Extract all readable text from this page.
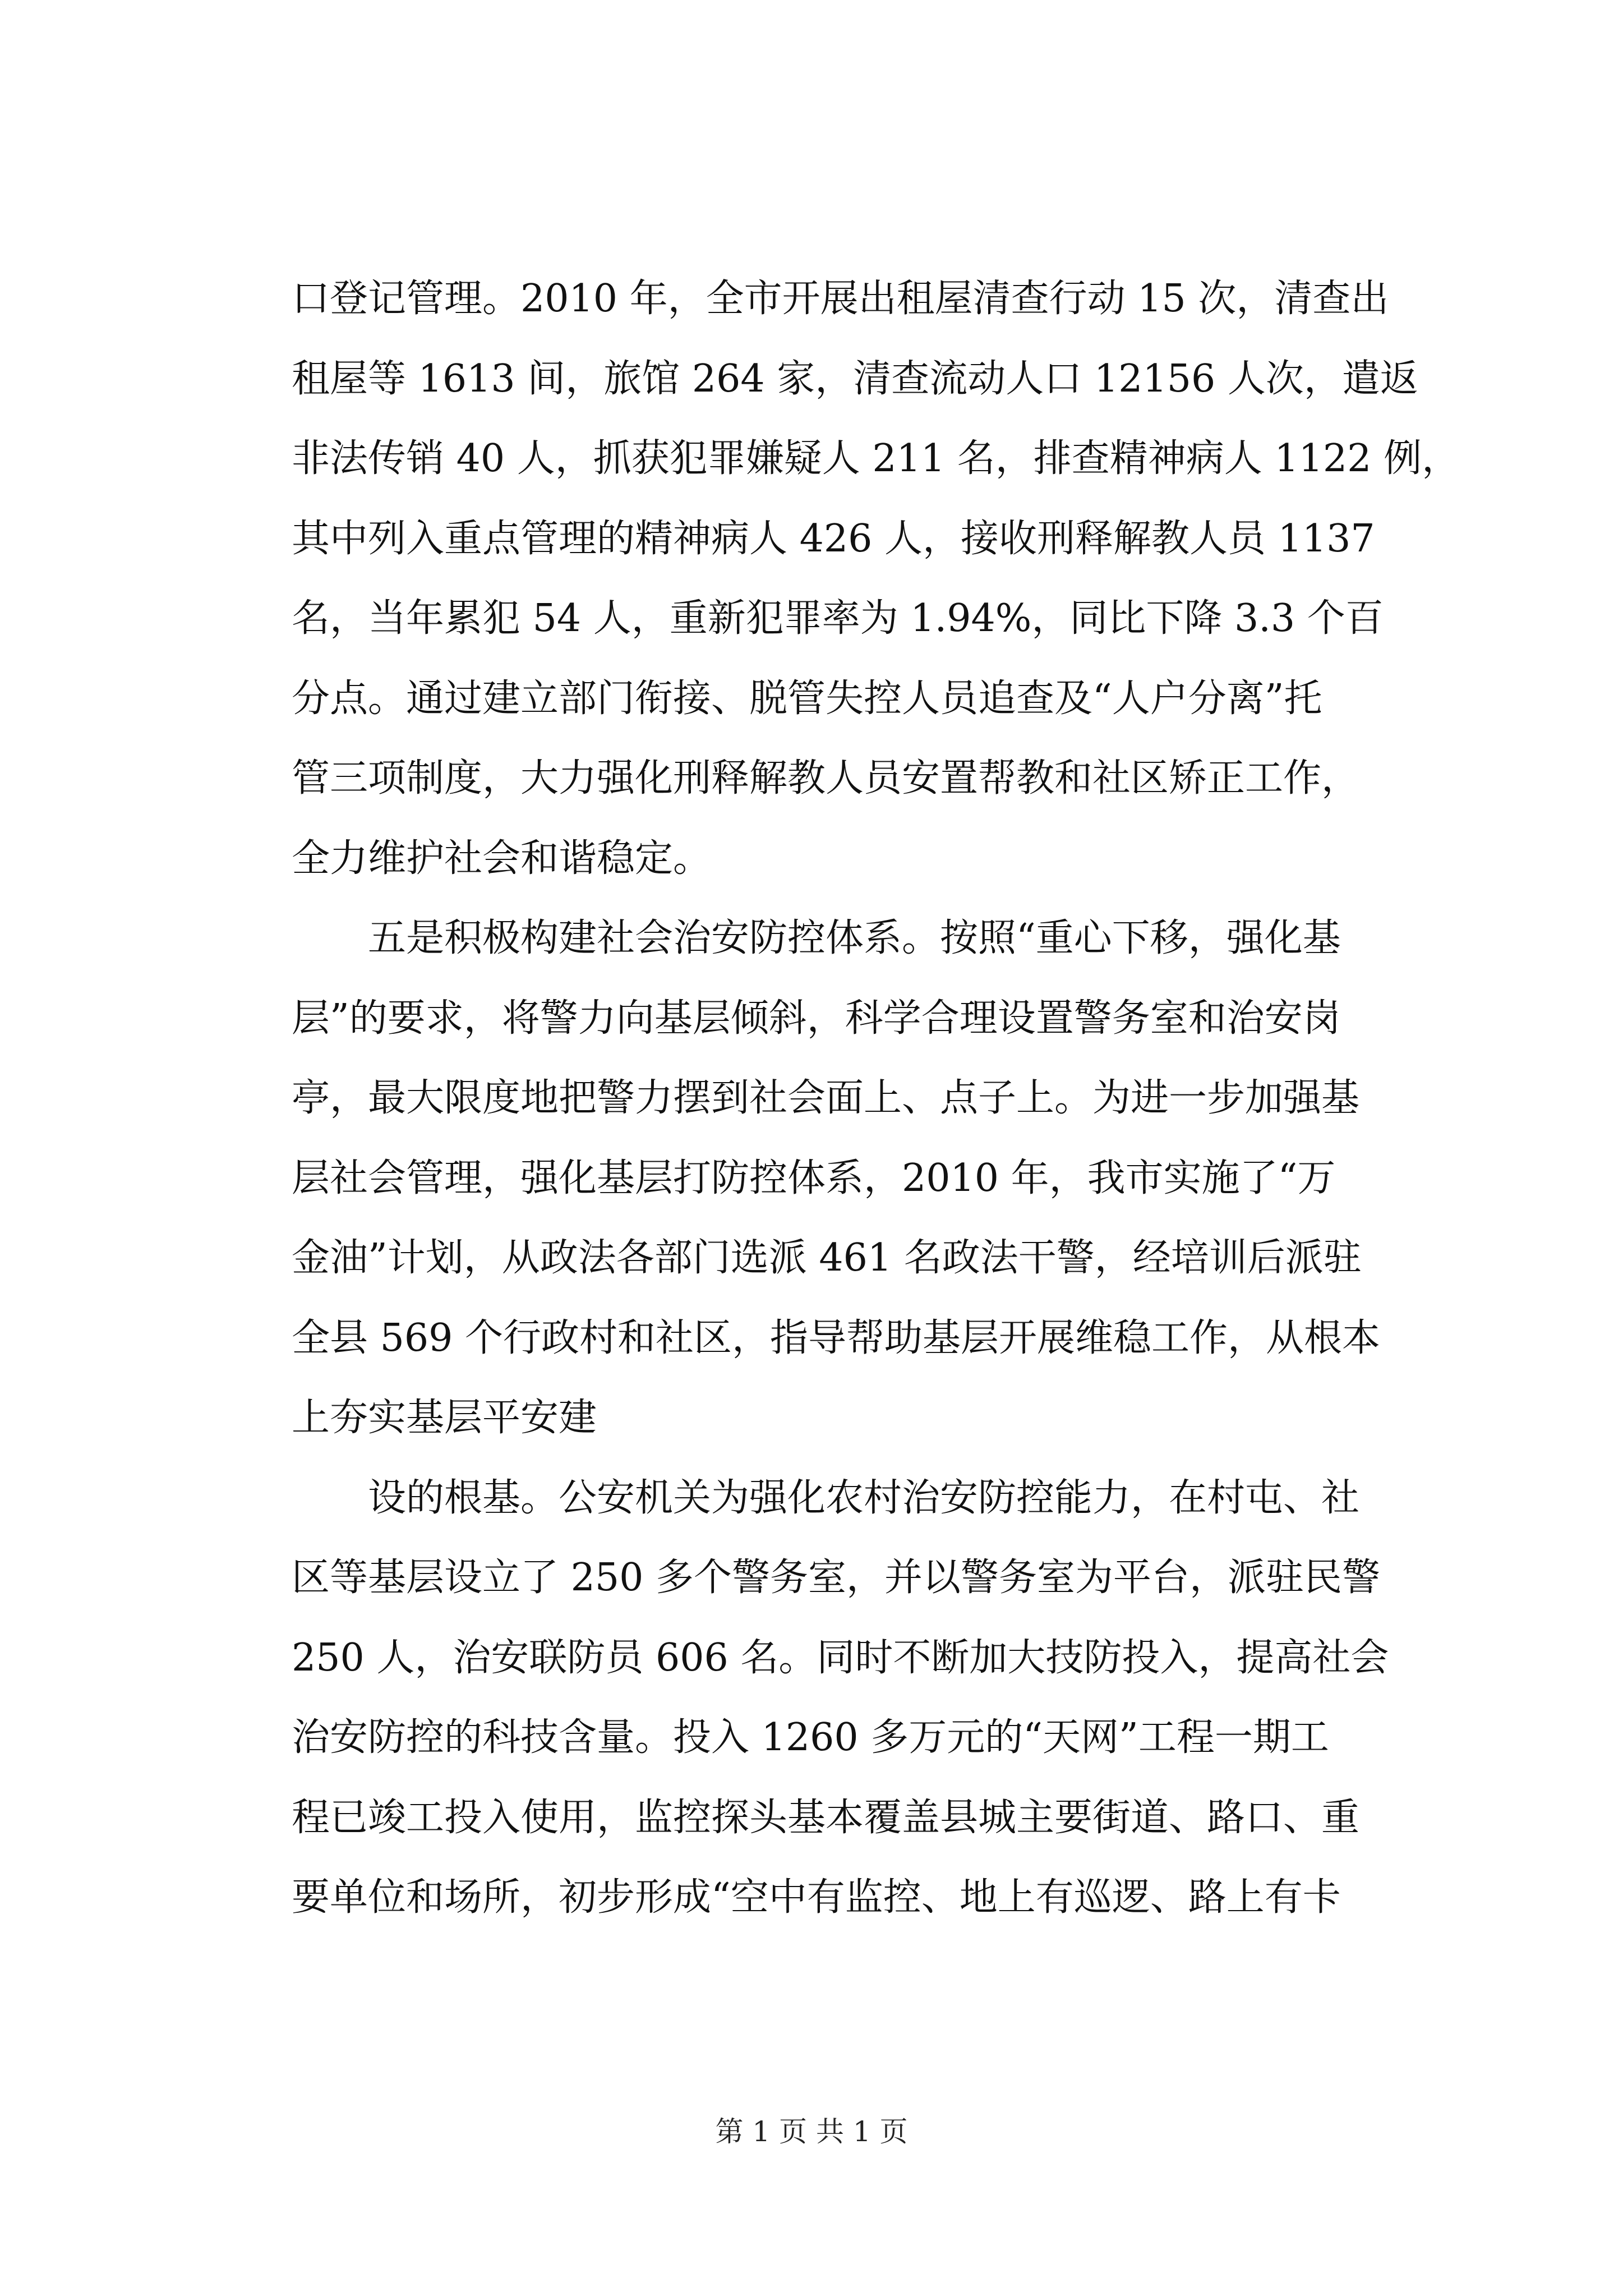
口登记管理。2010 年，全市开展出租屋清查行动 15 次，清查出
租屋等 1613 间，旅馆 264 家，清查流动人口 12156 人次，遣返
非法传销 40 人，抓获犯罪嫌疑人 211 名，排查精神病人 1122 例，
其中列入重点管理的精神病人 426 人，接收刑释解教人员 1137
名，当年累犯 54 人，重新犯罪率为 1.94%，同比下降 3.3 个百
分点。通过建立部门衔接、脱管失控人员追查及“人户分离”托
管三项制度，大力强化刑释解教人员安置帮教和社区矫正工作，
全力维护社会和谐稳定。
五是积极构建社会治安防控体系。按照“重心下移，强化基
层”的要求，将警力向基层倾斜，科学合理设置警务室和治安岗
亭，最大限度地把警力摆到社会面上、点子上。为进一步加强基
层社会管理，强化基层打防控体系，2010 年，我市实施了“万
金油”计划，从政法各部门选派 461 名政法干警，经培训后派驻
全县 569 个行政村和社区，指导帮助基层开展维稳工作，从根本
上夯实基层平安建
设的根基。公安机关为强化农村治安防控能力，在村屯、社
区等基层设立了 250 多个警务室，并以警务室为平台，派驻民警
250 人，治安联防员 606 名。同时不断加大技防投入，提高社会
治安防控的科技含量。投入 1260 多万元的“天网”工程一期工
程已竣工投入使用，监控探头基本覆盖县城主要街道、路口、重
要单位和场所，初步形成“空中有监控、地上有巡逻、路上有卡
第 1 页 共 1 页
